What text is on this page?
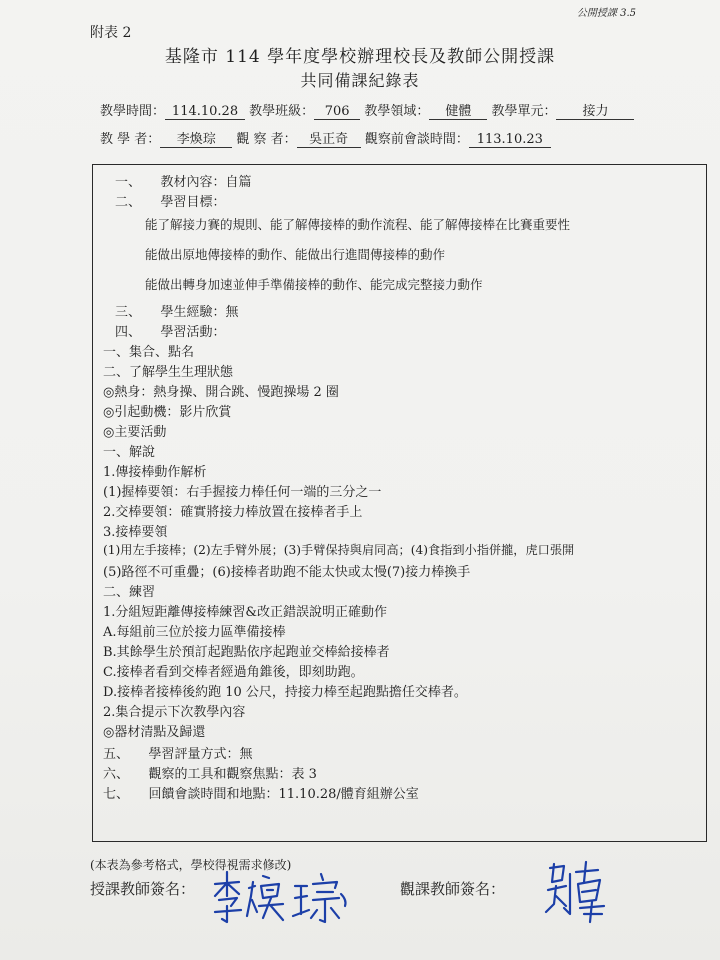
公開授課 3.5
附表 2
基隆市 114 學年度學校辦理校長及教師公開授課
共同備課紀錄表
教學時間： 114.10.28 教學班級： 706 教學領域： 健體 教學單元： 接力
教 學 者： 李煥琮 觀 察 者： 吳正奇 觀察前會談時間： 113.10.23
一、　　教材內容：自篇
二、　　學習目標：
能了解接力賽的規則、能了解傳接棒的動作流程、能了解傳接棒在比賽重要性
能做出原地傳接棒的動作、能做出行進間傳接棒的動作
能做出轉身加速並伸手準備接棒的動作、能完成完整接力動作
三、　　學生經驗：無
四、　　學習活動：
一、集合、點名
二、了解學生生理狀態
◎熱身：熱身操、開合跳、慢跑操場 2 圈
◎引起動機：影片欣賞
◎主要活動
一、解說
1.傳接棒動作解析
(1)握棒要領：右手握接力棒任何一端的三分之一
2.交棒要領：確實將接力棒放置在接棒者手上
3.接棒要領
(1)用左手接棒；(2)左手臂外展；(3)手臂保持與肩同高；(4)食指到小指併攏，虎口張開
(5)路徑不可重疊；(6)接棒者助跑不能太快或太慢(7)接力棒換手
二、練習
1.分組短距離傳接棒練習&改正錯誤說明正確動作
A.每組前三位於接力區準備接棒
B.其餘學生於預訂起跑點依序起跑並交棒給接棒者
C.接棒者看到交棒者經過角錐後，即刻助跑。
D.接棒者接棒後約跑 10 公尺，持接力棒至起跑點擔任交棒者。
2.集合提示下次教學內容
◎器材清點及歸還
五、　　學習評量方式：無
六、　　觀察的工具和觀察焦點：表 3
七、　　回饋會談時間和地點：11.10.28/體育組辦公室
(本表為參考格式，學校得視需求修改)
授課教師簽名：	觀課教師簽名：
